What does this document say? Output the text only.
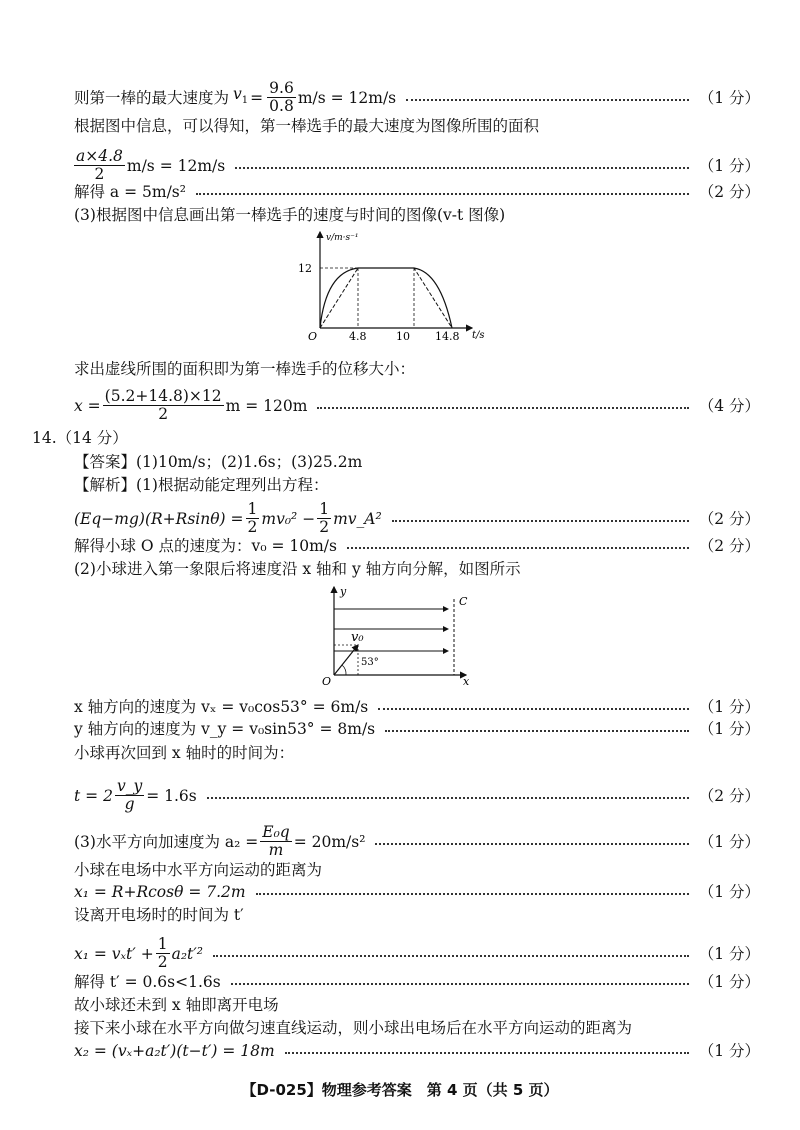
则第一棒的最大速度为 $v_1 = \frac{9.6}{0.8} m/s = 12m/s$	（1 分）
根据图中信息，可以得知，第一棒选手的最大速度为图像所围的面积
$\frac{a\times 4.8}{2} m/s = 12m/s$	（1 分）
解得 a = 5m/s²	（2 分）
(3)根据图中信息画出第一棒选手的速度与时间的图像(v-t 图像)
v/m·s⁻¹
t/s
O
12
4.8	10 14.8
求出虚线所围的面积即为第一棒选手的位移大小：
$x = \frac{(5.2+14.8)\times 12}{2}$ m = 120m	（4 分）
14.（14 分）
【答案】(1)10m/s；(2)1.6s；(3)25.2m
【解析】(1)根据动能定理列出方程：
$(Eq-mg)(R+Rsin\theta) = \frac{1}{2} mv_0^2 - \frac{1}{2}$ mv_A²	（2 分）
解得小球 O 点的速度为：v₀ = 10m/s	（2 分）
(2)小球进入第一象限后将速度沿 x 轴和 y 轴方向分解，如图所示
y
x
O
C
v₀
53°
x 轴方向的速度为 vₓ = v₀cos53° = 6m/s	（1 分）
y 轴方向的速度为 v_y = v₀sin53° = 8m/s	（1 分）
小球再次回到 x 轴时的时间为：
$t = 2 \frac{v\_y}{g} = 1.6s$	（2 分）
(3)水平方向加速度为 $a_2 = \frac{\text{E₀q}}{m} = 20m/s^2$	（1 分）
小球在电场中水平方向运动的距离为
x₁ = R+Rcosθ = 7.2m	（1 分）
设离开电场时的时间为 t′
$x_1 = v_xt' + \frac{1}{2} a_2t'^2$	（1 分）
解得 t′ = 0.6s<1.6s	（1 分）
故小球还未到 x 轴即离开电场
接下来小球在水平方向做匀速直线运动，则小球出电场后在水平方向运动的距离为
x₂ = (vₓ+a₂t′)(t−t′) = 18m	（1 分）
【D-025】物理参考答案　第 4 页（共 5 页）
